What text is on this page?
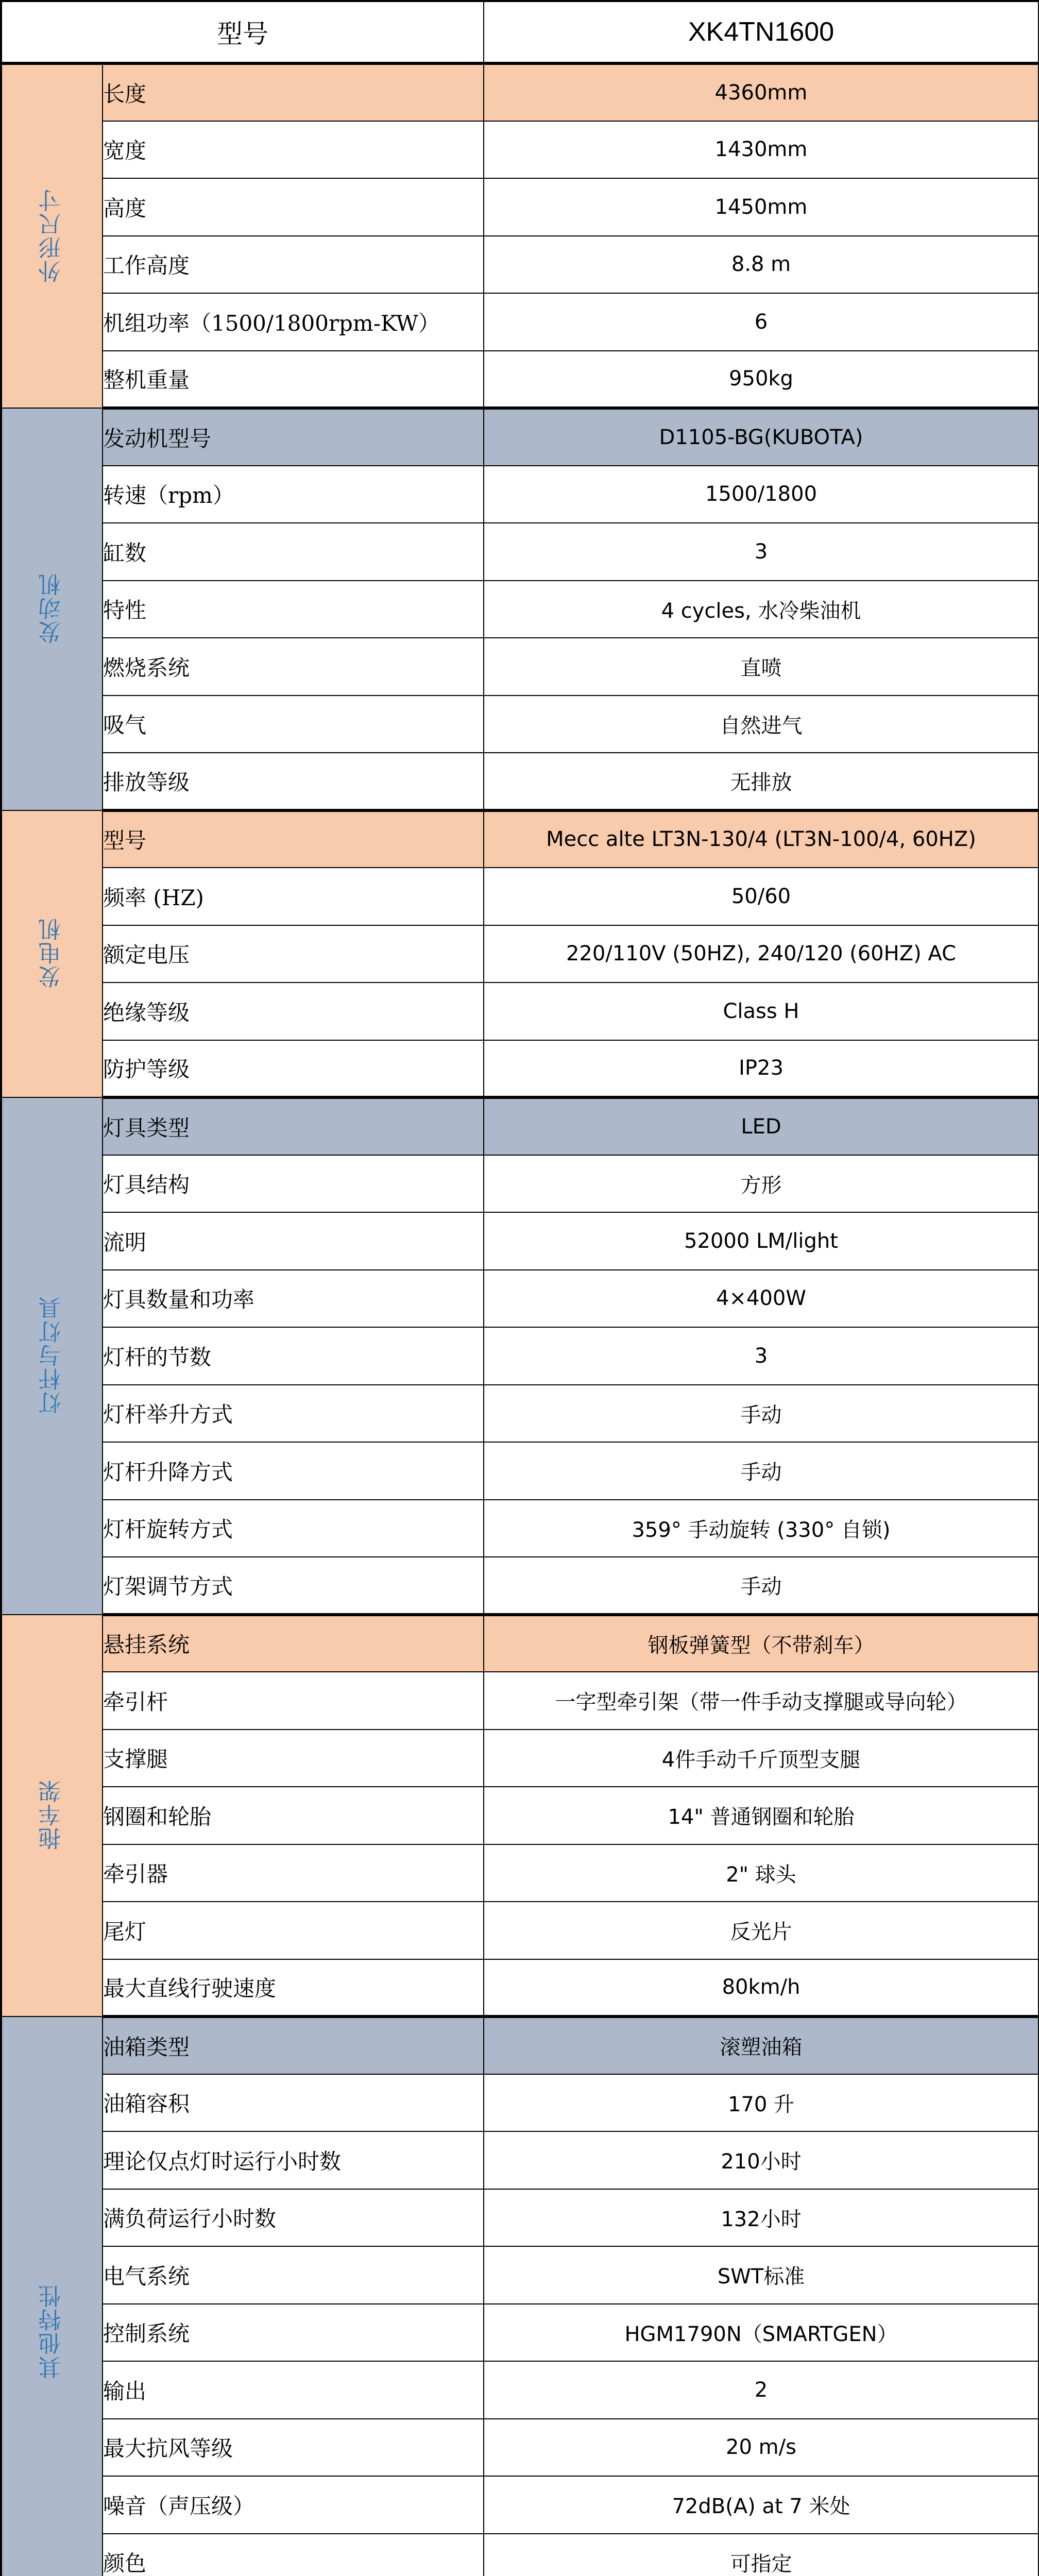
型号		XK4TN1600
外形尺寸	长度	4360mm
	宽度	1430mm
	高度	1450mm
	工作高度	8.8 m
	机组功率（1500/1800rpm-KW）	6
	整机重量	950kg
发动机	发动机型号	D1105-BG(KUBOTA)
	转速（rpm）	1500/1800
	缸数	3
	特性	4 cycles, 水冷柴油机
	燃烧系统	直喷
	吸气	自然进气
	排放等级	无排放
发电机	型号	Mecc alte LT3N-130/4 (LT3N-100/4, 60HZ)
	频率 (HZ)	50/60
	额定电压	220/110V (50HZ), 240/120 (60HZ) AC
	绝缘等级	Class H
	防护等级	IP23
灯杆与灯具	灯具类型	LED
	灯具结构	方形
	流明	52000 LM/light
	灯具数量和功率	4×400W
	灯杆的节数	3
	灯杆举升方式	手动
	灯杆升降方式	手动
	灯杆旋转方式	359° 手动旋转 (330° 自锁)
	灯架调节方式	手动
拖车架	悬挂系统	钢板弹簧型（不带刹车）
	牵引杆	一字型牵引架（带一件手动支撑腿或导向轮）
	支撑腿	4件手动千斤顶型支腿
	钢圈和轮胎	14" 普通钢圈和轮胎
	牵引器	2" 球头
	尾灯	反光片
	最大直线行驶速度	80km/h
其他特性	油箱类型	滚塑油箱
	油箱容积	170 升
	理论仅点灯时运行小时数	210小时
	满负荷运行小时数	132小时
	电气系统	SWT标准
	控制系统	HGM1790N（SMARTGEN）
	输出	2
	最大抗风等级	20 m/s
	噪音（声压级）	72dB(A) at 7 米处
	颜色	可指定
